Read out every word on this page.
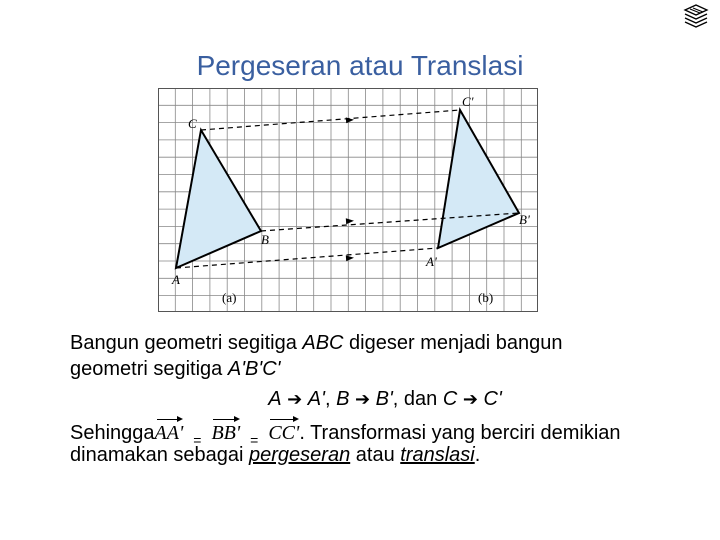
Pergeseran atau Translasi
C
B
A
C'
B'
A'
(a)	(b)
Bangun geometri segitiga ABC digeser menjadi bangun
geometri segitiga A'B'C'
A ➔ A', B ➔ B', dan C ➔ C'
SehinggaAA' $_=$ BB' $_=$ CC'. Transformasi yang berciri demikian
dinamakan sebagai pergeseran atau translasi.
